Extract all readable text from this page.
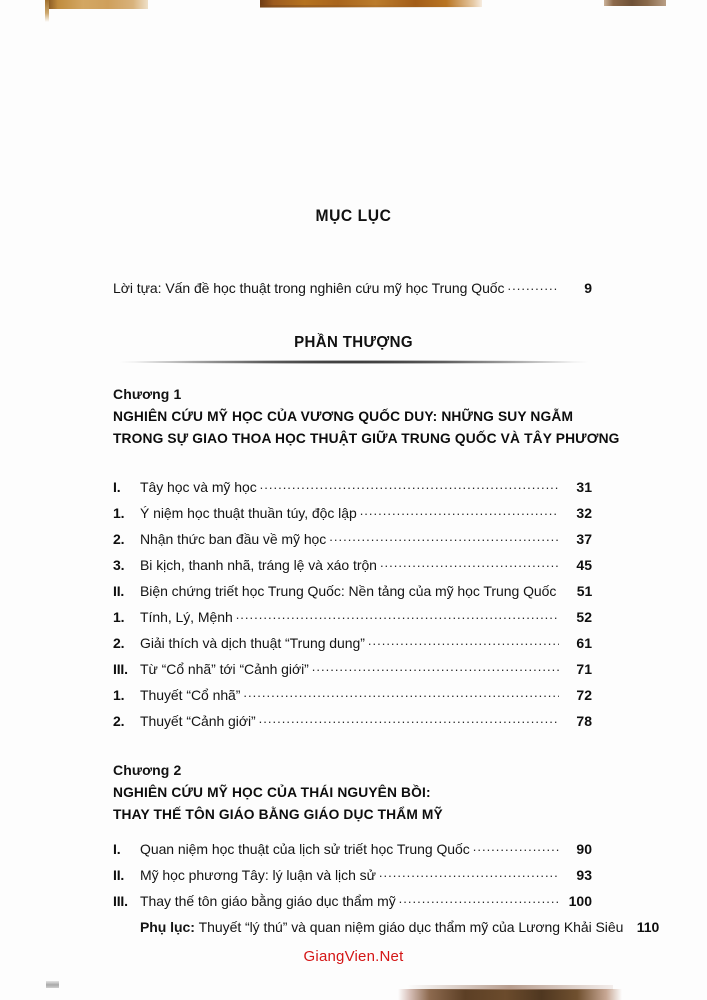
MỤC LỤC
Lời tựa: Vấn đề học thuật trong nghiên cứu mỹ học Trung Quốc .....	9
PHẦN THƯỢNG
Chương 1
NGHIÊN CỨU MỸ HỌC CỦA VƯƠNG QUỐC DUY: NHỮNG SUY NGẪM
TRONG SỰ GIAO THOA HỌC THUẬT GIỮA TRUNG QUỐC VÀ TÂY PHƯƠNG
I.	Tây học và mỹ học .....	31
1.	Ý niệm học thuật thuần túy, độc lập .....	32
2.	Nhận thức ban đầu về mỹ học .....	37
3.	Bi kịch, thanh nhã, tráng lệ và xáo trộn .....	45
II.	Biện chứng triết học Trung Quốc: Nền tảng của mỹ học Trung Quốc	51
1.	Tính, Lý, Mệnh .....	52
2.	Giải thích và dịch thuật “Trung dung” .....	61
III. Từ “Cổ nhã” tới “Cảnh giới” .....	71
1.	Thuyết “Cổ nhã” .....	72
2.	Thuyết “Cảnh giới” .....	78
Chương 2
NGHIÊN CỨU MỸ HỌC CỦA THÁI NGUYÊN BỒI:
THAY THẾ TÔN GIÁO BẰNG GIÁO DỤC THẨM MỸ
I.	Quan niệm học thuật của lịch sử triết học Trung Quốc .....	90
II.	Mỹ học phương Tây: lý luận và lịch sử .....	93
III. Thay thế tôn giáo bằng giáo dục thẩm mỹ .....	100
Phụ lục: Thuyết “lý thú” và quan niệm giáo dục thẩm mỹ của Lương Khải Siêu 110
GiangVien.Net
